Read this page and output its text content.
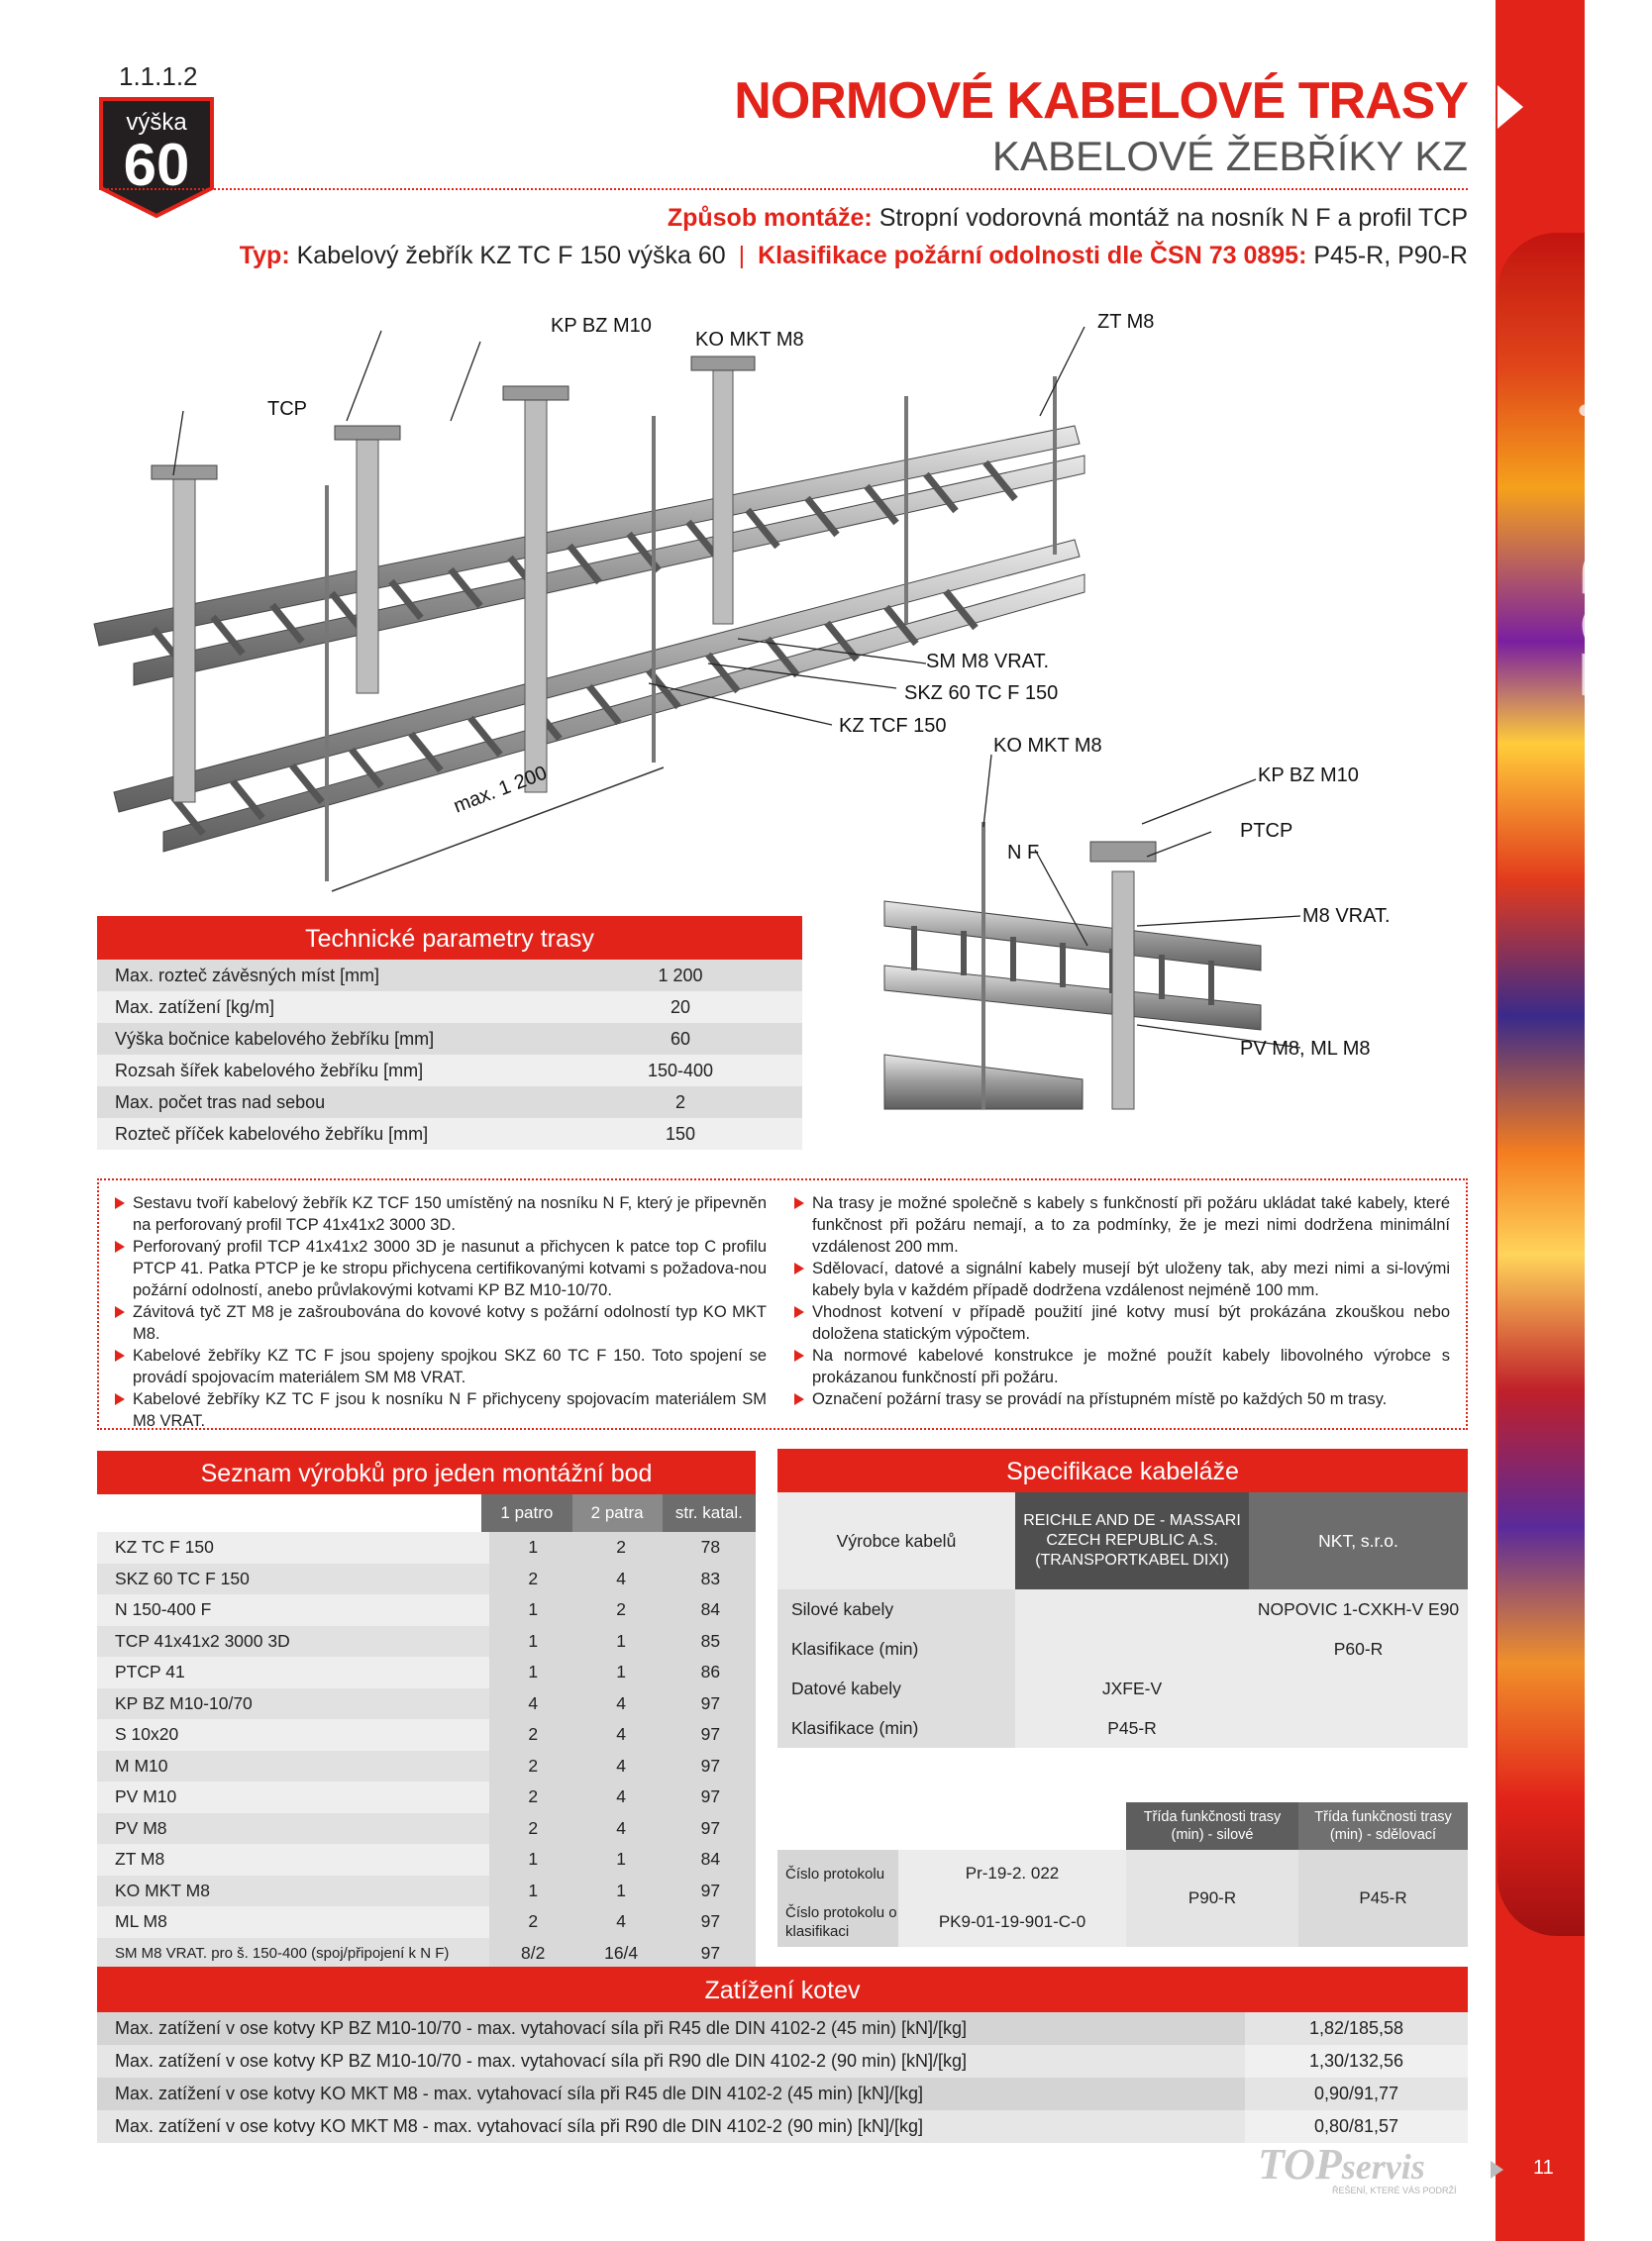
TOPservis
1.1.1.2
výška
60
NORMOVÉ KABELOVÉ TRASY
KABELOVÉ ŽEBŘÍKY KZ
Způsob montáže: Stropní vodorovná montáž na nosník N F a profil TCP
Typ: Kabelový žebřík KZ TC F 150 výška 60 | Klasifikace požární odolnosti dle ČSN 73 0895: P45-R, P90-R
KP BZ M10
KO MKT M8
ZT M8
TCP
SM M8 VRAT.
SKZ 60 TC F 150
KZ TCF 150
max. 1 200
KO MKT M8
KP BZ M10
PTCP
N F
M8 VRAT.
PV M8, ML M8
Technické parametry trasy
Max. rozteč závěsných míst [mm]	1 200
Max. zatížení [kg/m]	20
Výška bočnice kabelového žebříku [mm]	60
Rozsah šířek kabelového žebříku [mm]	150-400
Max. počet tras nad sebou	2
Rozteč příček kabelového žebříku [mm]	150
Sestavu tvoří kabelový žebřík KZ TCF 150 umístěný na nosníku N F, který je připevněn na perforovaný profil TCP 41x41x2 3000 3D.
Perforovaný profil TCP 41x41x2 3000 3D je nasunut a přichycen k patce top C profilu PTCP 41. Patka PTCP je ke stropu přichycena certifikovanými kotvami s požadova-nou požární odolností, anebo průvlakovými kotvami KP BZ M10-10/70.
Závitová tyč ZT M8 je zašroubována do kovové kotvy s požární odolností typ KO MKT M8.
Kabelové žebříky KZ TC F jsou spojeny spojkou SKZ 60 TC F 150. Toto spojení se provádí spojovacím materiálem SM M8 VRAT.
Kabelové žebříky KZ TC F jsou k nosníku N F přichyceny spojovacím materiálem SM M8 VRAT.
Na trasy je možné společně s kabely s funkčností při požáru ukládat také kabely, které funkčnost při požáru nemají, a to za podmínky, že je mezi nimi dodržena minimální vzdálenost 200 mm.
Sdělovací, datové a signální kabely musejí být uloženy tak, aby mezi nimi a si-lovými kabely byla v každém případě dodržena vzdálenost nejméně 100 mm.
Vhodnost kotvení v případě použití jiné kotvy musí být prokázána zkouškou nebo doložena statickým výpočtem.
Na normové kabelové konstrukce je možné použít kabely libovolného výrobce s prokázanou funkčností při požáru.
Označení požární trasy se provádí na přístupném místě po každých 50 m trasy.
Seznam výrobků pro jeden montážní bod
	1 patro	2 patra	str. katal.
KZ TC F 150	1	2	78
SKZ 60 TC F 150	2	4	83
N 150-400 F	1	2	84
TCP 41x41x2 3000 3D	1	1	85
PTCP 41	1	1	86
KP BZ M10-10/70	4	4	97
S 10x20	2	4	97
M M10	2	4	97
PV M10	2	4	97
PV M8	2	4	97
ZT M8	1	1	84
KO MKT M8	1	1	97
ML M8	2	4	97
SM M8 VRAT. pro š. 150-400 (spoj/připojení k N F)	8/2	16/4	97
Specifikace kabeláže
Výrobce kabelů	REICHLE AND DE - MASSARI CZECH REPUBLIC A.S. (TRANSPORTKABEL DIXI)	NKT, s.r.o.
Silové kabely		NOPOVIC 1-CXKH-V E90
Klasifikace (min)		P60-R
Datové kabely	JXFE-V	
Klasifikace (min)	P45-R	
		Třída funkčnosti trasy (min) - silové	Třída funkčnosti trasy (min) - sdělovací
Číslo protokolu	Pr-19-2. 022	P90-R	P45-R
Číslo protokolu o klasifikaci	PK9-01-19-901-C-0		
Zatížení kotev
Max. zatížení v ose kotvy KP BZ M10-10/70 - max. vytahovací síla při R45 dle DIN 4102-2 (45 min) [kN]/[kg]	1,82/185,58
Max. zatížení v ose kotvy KP BZ M10-10/70 - max. vytahovací síla při R90 dle DIN 4102-2 (90 min) [kN]/[kg]	1,30/132,56
Max. zatížení v ose kotvy KO MKT M8 - max. vytahovací síla při R45 dle DIN 4102-2 (45 min) [kN]/[kg]	0,90/91,77
Max. zatížení v ose kotvy KO MKT M8 - max. vytahovací síla při R90 dle DIN 4102-2 (90 min) [kN]/[kg]	0,80/81,57
TOPservis
ŘEŠENÍ, KTERÉ VÁS PODRŽÍ
11
